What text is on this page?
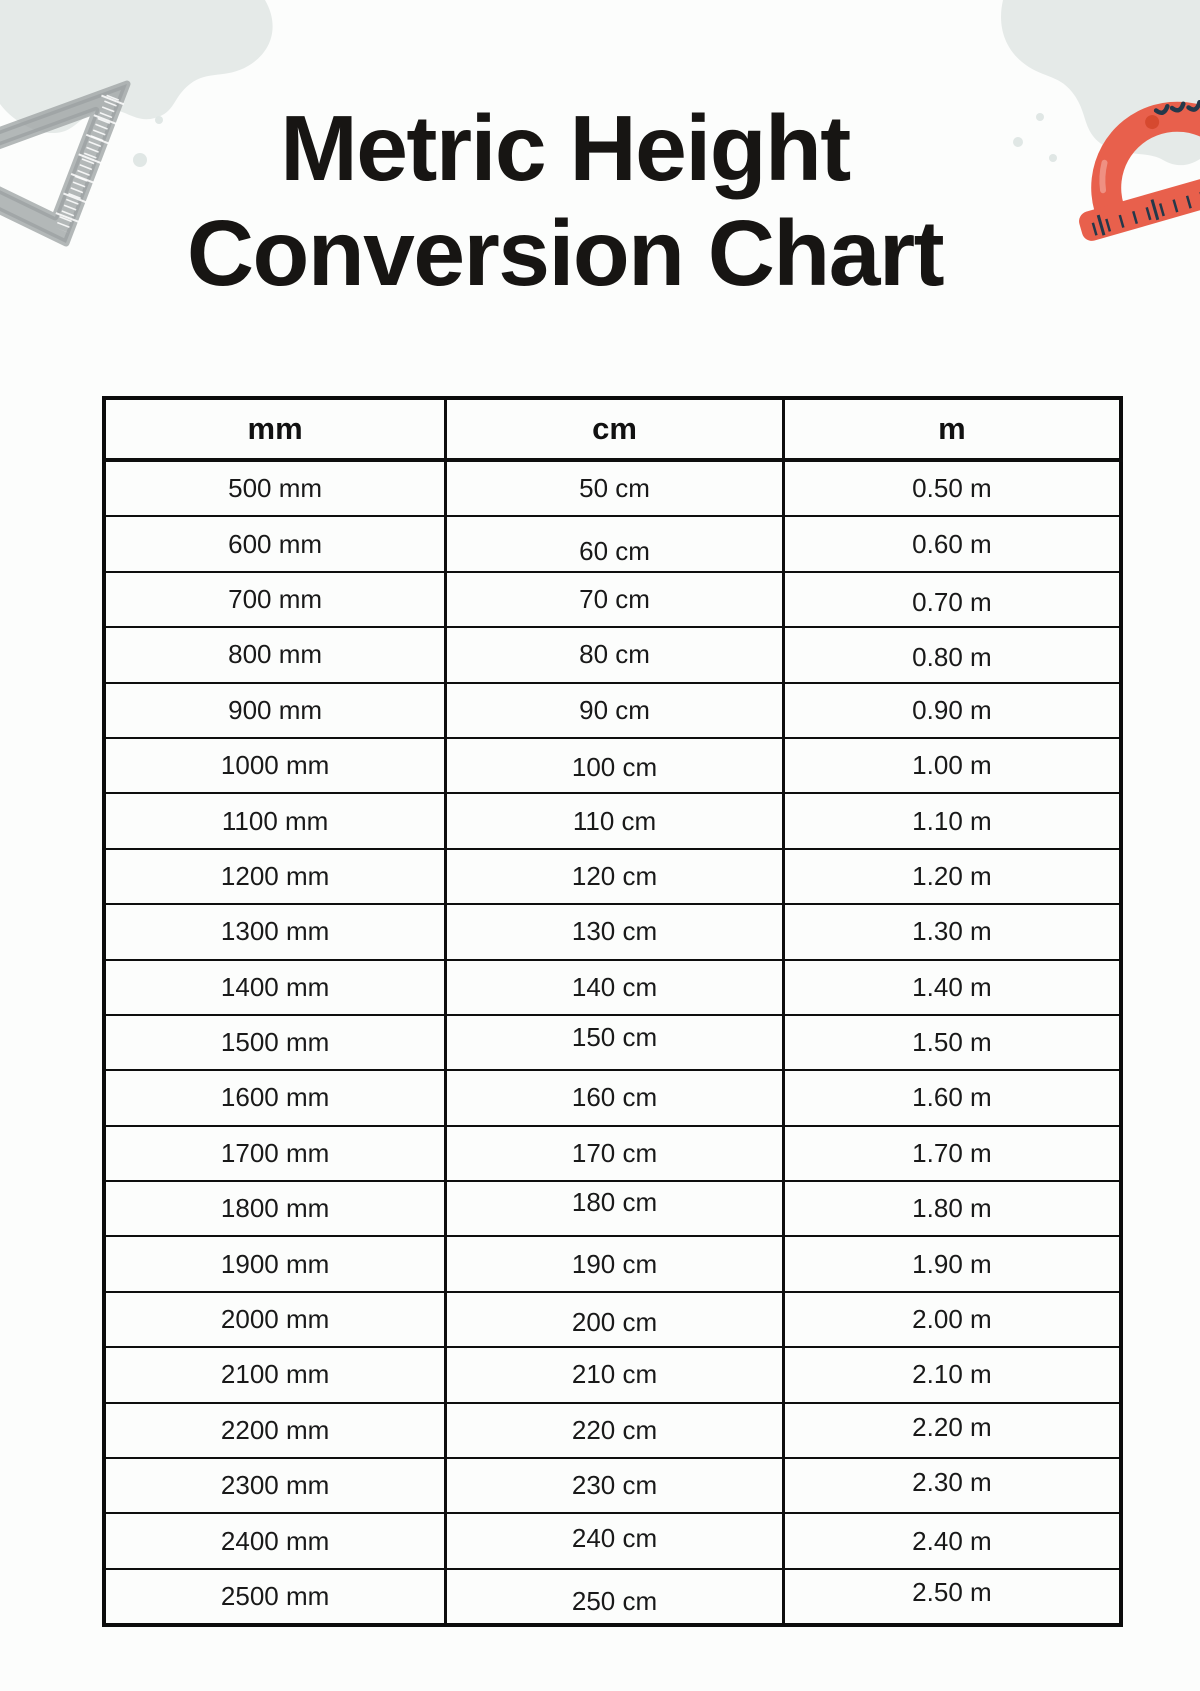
Metric Height
Conversion Chart
mm	cm	m
500 mm	50 cm	0.50 m
600 mm	60 cm	0.60 m
700 mm	70 cm	0.70 m
800 mm	80 cm	0.80 m
900 mm	90 cm	0.90 m
1000 mm	100 cm	1.00 m
1100 mm	110 cm	1.10 m
1200 mm	120 cm	1.20 m
1300 mm	130 cm	1.30 m
1400 mm	140 cm	1.40 m
1500 mm	150 cm	1.50 m
1600 mm	160 cm	1.60 m
1700 mm	170 cm	1.70 m
1800 mm	180 cm	1.80 m
1900 mm	190 cm	1.90 m
2000 mm	200 cm	2.00 m
2100 mm	210 cm	2.10 m
2200 mm	220 cm	2.20 m
2300 mm	230 cm	2.30 m
2400 mm	240 cm	2.40 m
2500 mm	250 cm	2.50 m
